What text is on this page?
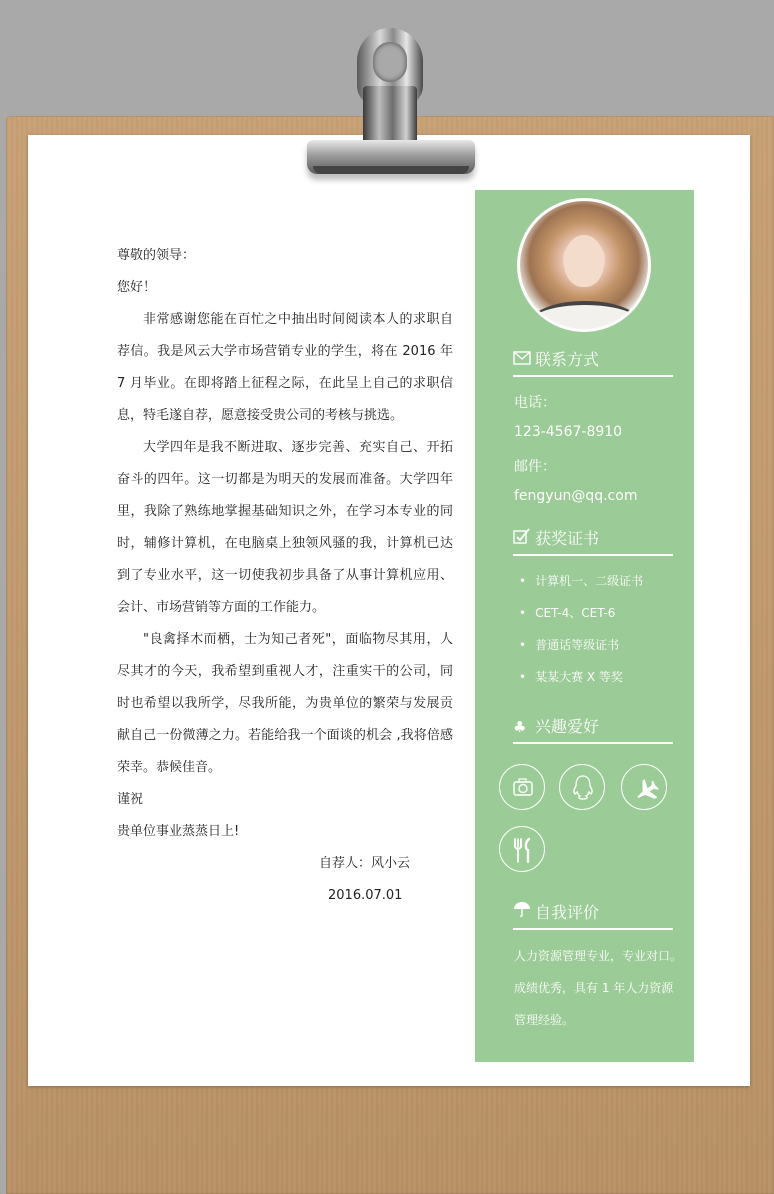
尊敬的领导：

您好！

非常感谢您能在百忙之中抽出时间阅读本人的求职自荐信。我是风云大学市场营销专业的学生，将在 2016 年 7 月毕业。在即将踏上征程之际，在此呈上自己的求职信息，特毛遂自荐，愿意接受贵公司的考核与挑选。

大学四年是我不断进取、逐步完善、充实自己、开拓奋斗的四年。这一切都是为明天的发展而准备。大学四年里，我除了熟练地掌握基础知识之外，在学习本专业的同时，辅修计算机，在电脑桌上独领风骚的我，计算机已达到了专业水平，这一切使我初步具备了从事计算机应用、会计、市场营销等方面的工作能力。

"良禽择木而栖，士为知己者死"，面临物尽其用，人尽其才的今天，我希望到重视人才，注重实干的公司，同时也希望以我所学，尽我所能，为贵单位的繁荣与发展贡献自己一份微薄之力。若能给我一个面谈的机会 ,我将倍感荣幸。恭候佳音。

谨祝

贵单位事业蒸蒸日上!

自荐人：风小云

2016.07.01

联系方式
电话：
123-4567-8910
邮件：
fengyun@qq.com
获奖证书
• 计算机一、二级证书
• CET-4、CET-6
• 普通话等级证书
• 某某大赛 X 等奖
♣ 兴趣爱好
自我评价
人力资源管理专业，专业对口。
成绩优秀，具有 1 年人力资源
管理经验。
